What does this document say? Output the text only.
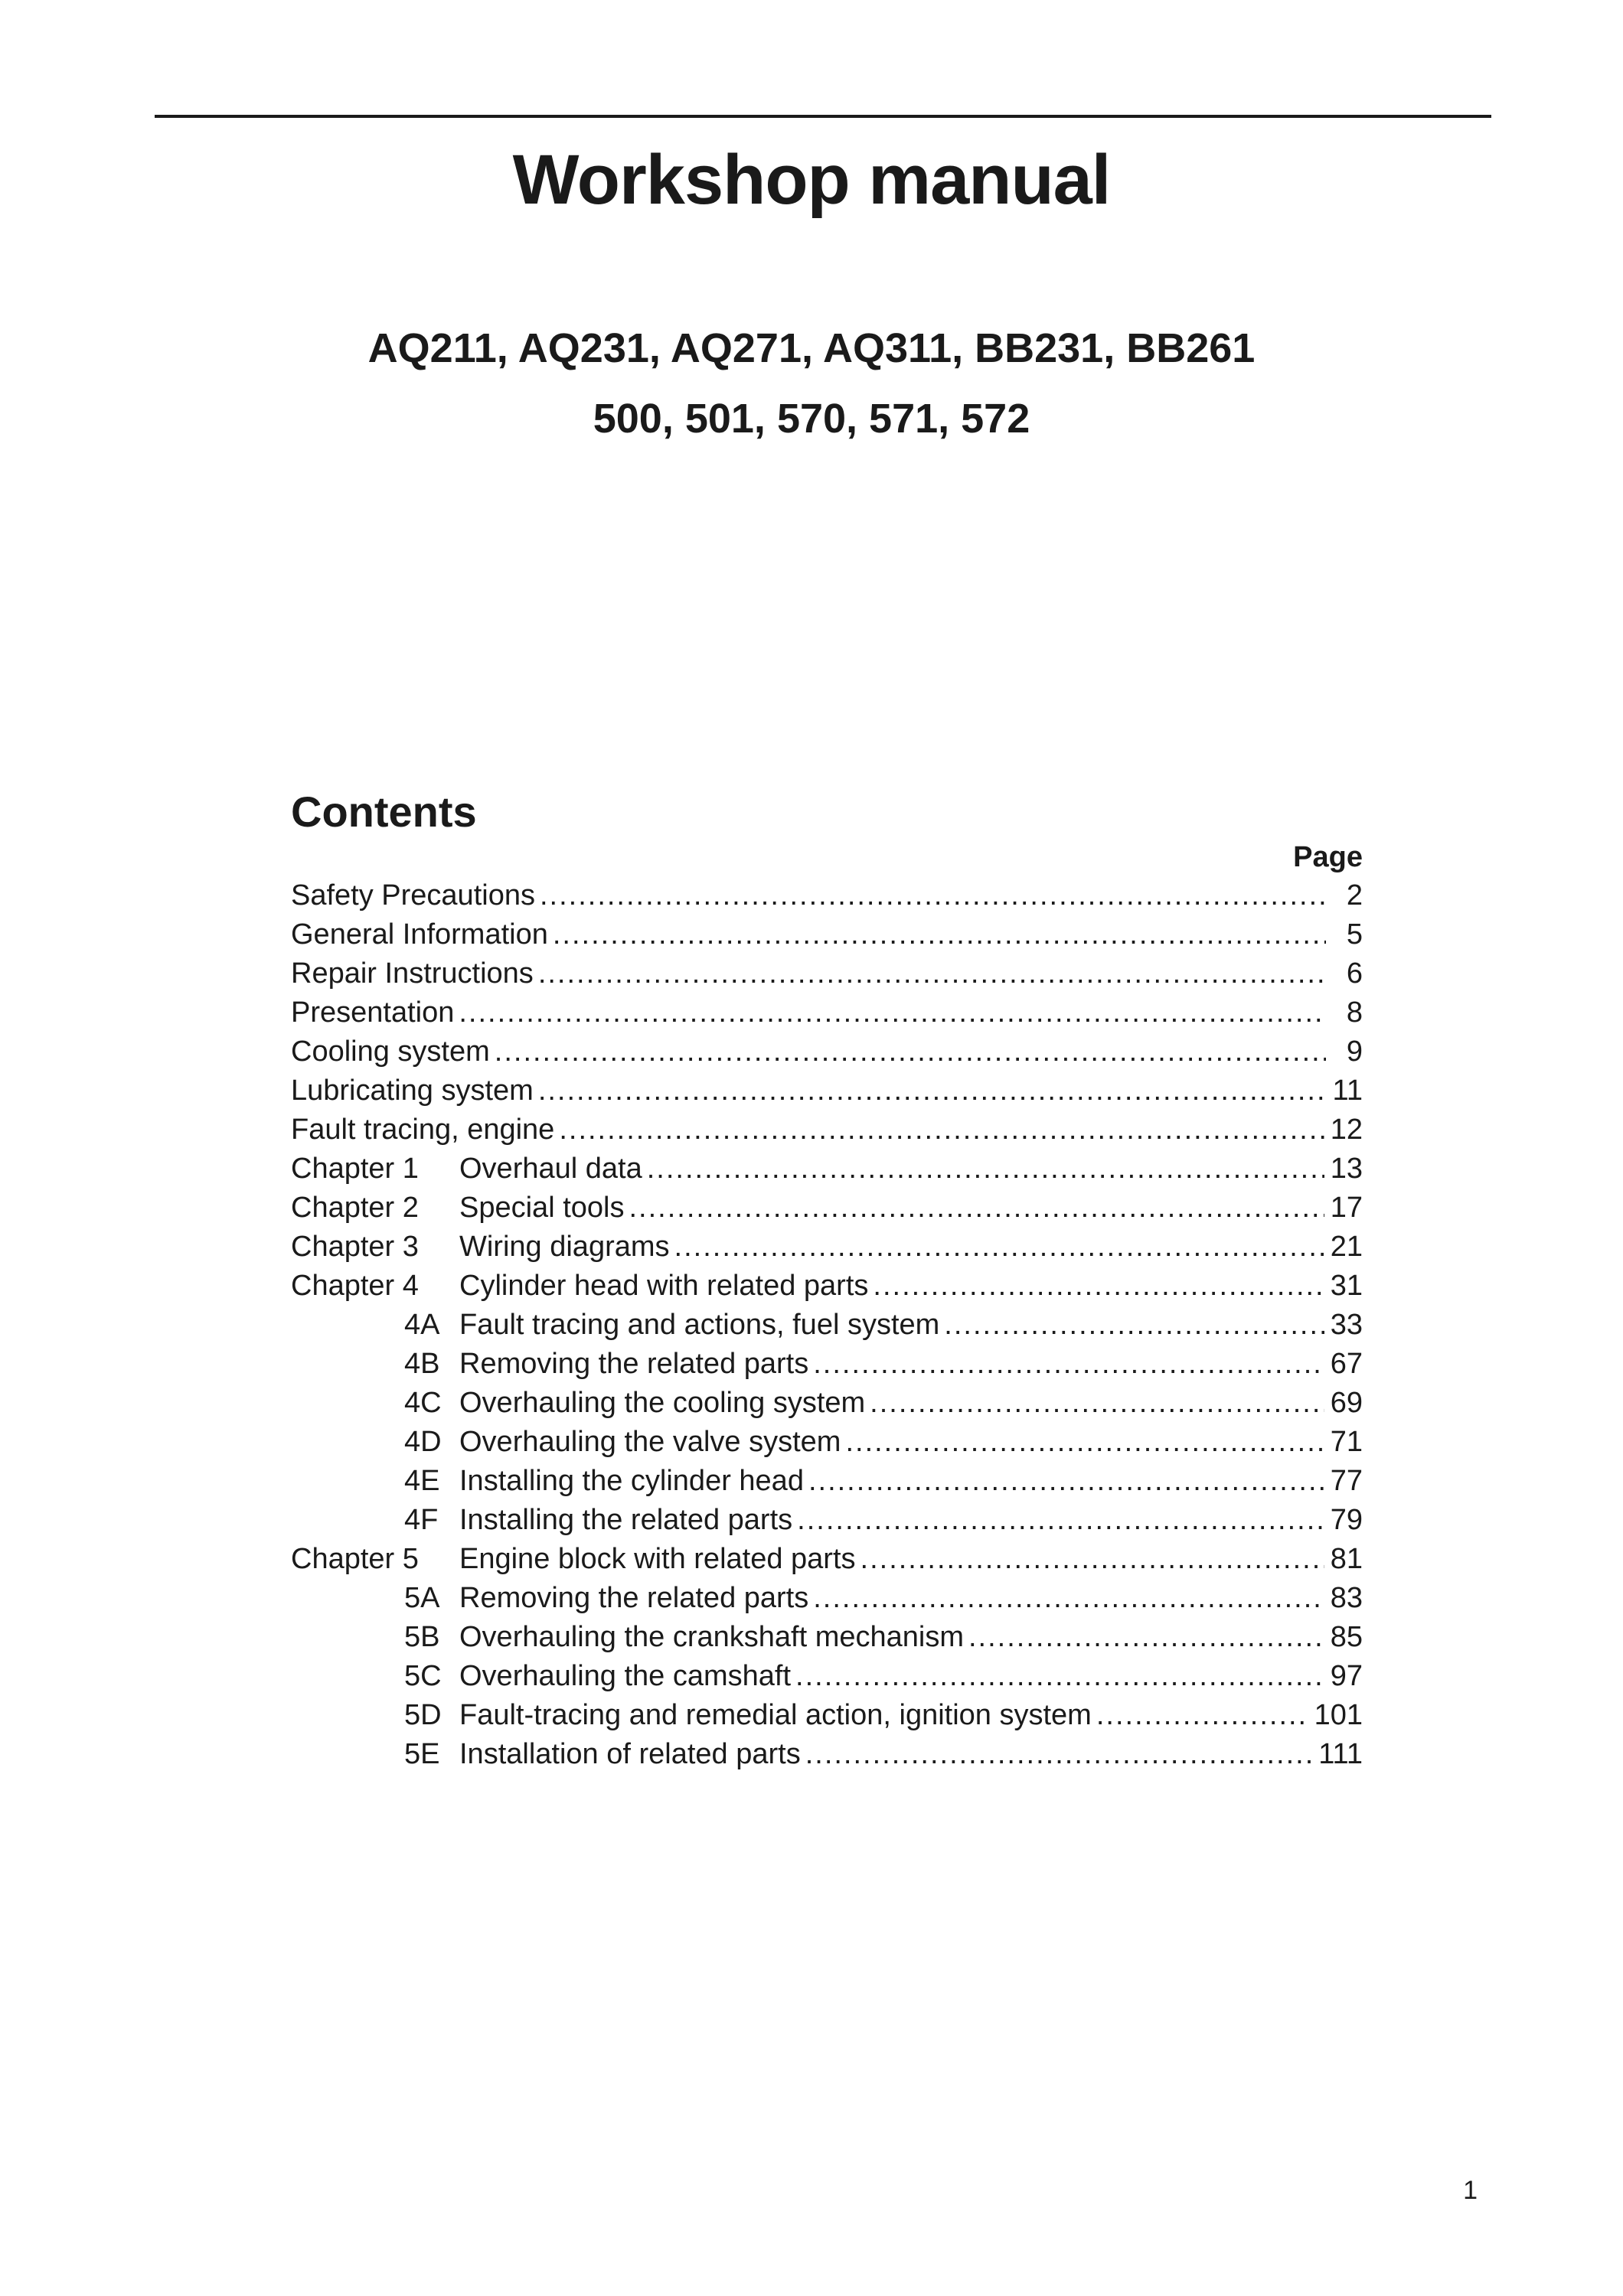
Workshop manual
AQ211, AQ231, AQ271, AQ311, BB231, BB261
500, 501, 570, 571, 572
Contents
Page
Safety Precautions .....	2
General Information .....	5
Repair Instructions .....	6
Presentation .....	8
Cooling system .....	9
Lubricating system .....	11
Fault tracing, engine .....	12
Chapter 1	Overhaul data .....	13
Chapter 2	Special tools .....	17
Chapter 3	Wiring diagrams .....	21
Chapter 4	Cylinder head with related parts .....	31
4A Fault tracing and actions, fuel system .....	33
4B Removing the related parts .....	67
4C Overhauling the cooling system .....	69
4D Overhauling the valve system .....	71
4E Installing the cylinder head .....	77
4F Installing the related parts .....	79
Chapter 5	Engine block with related parts .....	81
5A Removing the related parts .....	83
5B Overhauling the crankshaft mechanism .....	85
5C Overhauling the camshaft .....	97
5D Fault-tracing and remedial action, ignition system .....	101
5E Installation of related parts .....	111
1
